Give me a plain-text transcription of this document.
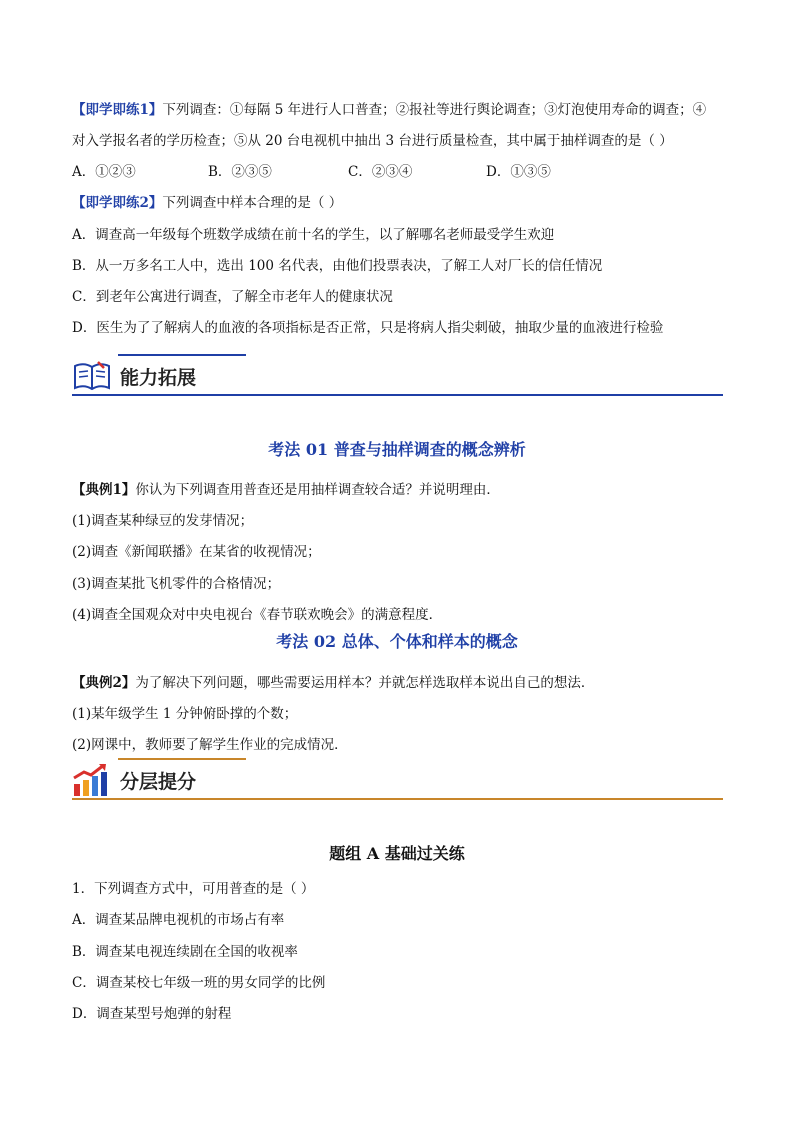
【即学即练1】下列调查：①每隔 5 年进行人口普查；②报社等进行舆论调查；③灯泡使用寿命的调查；④
对入学报名者的学历检查；⑤从 20 台电视机中抽出 3 台进行质量检查，其中属于抽样调查的是（ ）
A．①②③	B．②③⑤	C．②③④	D．①③⑤
【即学即练2】下列调查中样本合理的是（ ）
A．调查高一年级每个班数学成绩在前十名的学生，以了解哪名老师最受学生欢迎
B．从一万多名工人中，选出 100 名代表，由他们投票表决，了解工人对厂长的信任情况
C．到老年公寓进行调查，了解全市老年人的健康状况
D．医生为了了解病人的血液的各项指标是否正常，只是将病人指尖刺破，抽取少量的血液进行检验
能力拓展
考法 01 普查与抽样调查的概念辨析
【典例1】你认为下列调查用普查还是用抽样调查较合适？并说明理由．
(1)调查某种绿豆的发芽情况；
(2)调查《新闻联播》在某省的收视情况；
(3)调查某批飞机零件的合格情况；
(4)调查全国观众对中央电视台《春节联欢晚会》的满意程度．
考法 02 总体、个体和样本的概念
【典例2】为了解决下列问题，哪些需要运用样本？并就怎样选取样本说出自己的想法．
(1)某年级学生 1 分钟俯卧撑的个数；
(2)网课中，教师要了解学生作业的完成情况．
分层提分
题组 A 基础过关练
1．下列调查方式中，可用普查的是（ ）
A．调查某品牌电视机的市场占有率
B．调查某电视连续剧在全国的收视率
C．调查某校七年级一班的男女同学的比例
D．调查某型号炮弹的射程
